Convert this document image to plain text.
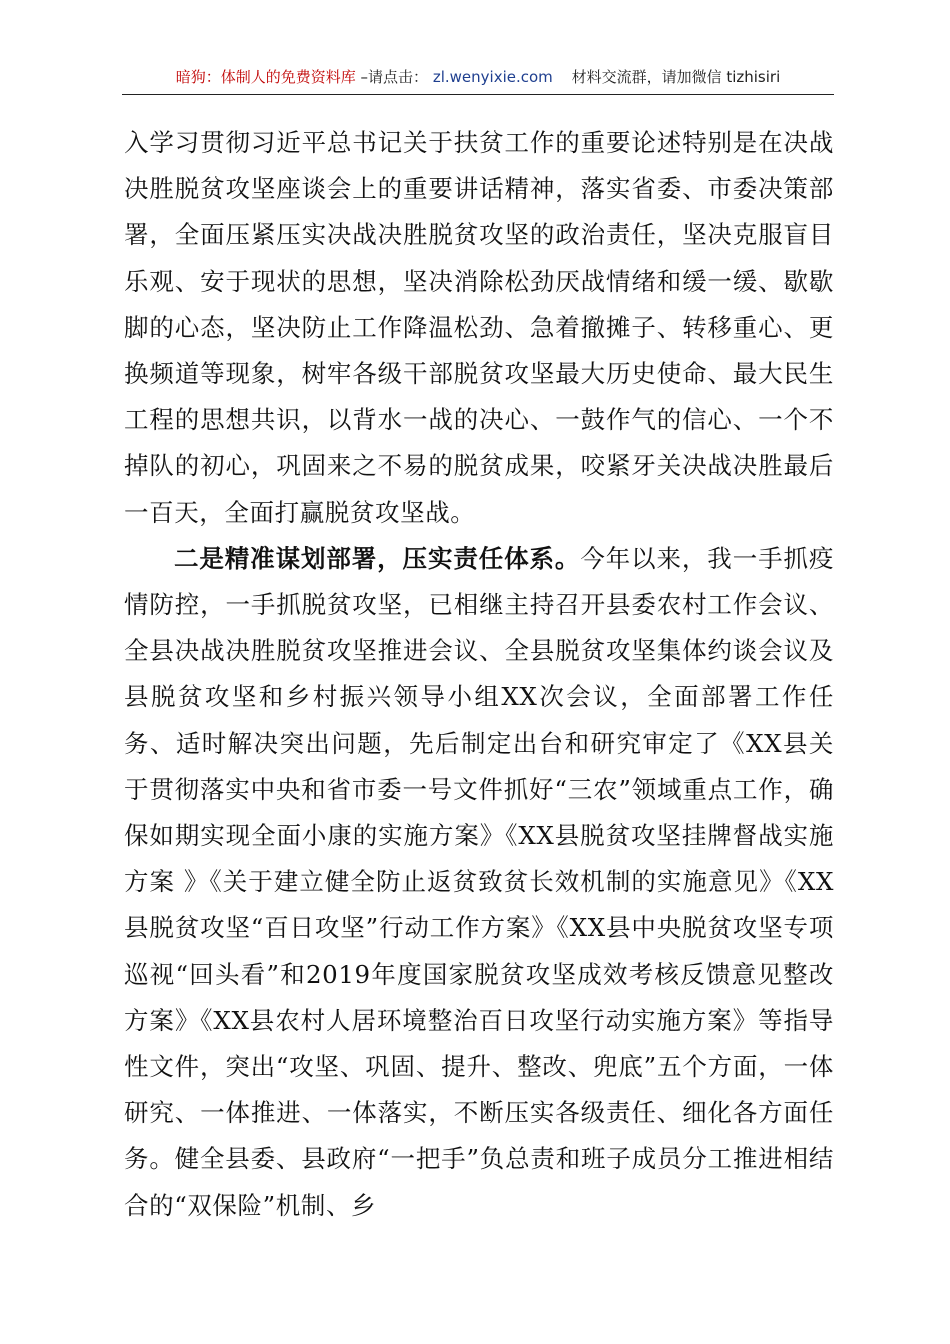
暗狗：体制人的免费资料库 –请点击： zl.wenyixie.com 材料交流群，请加微信 tizhisiri

入学习贯彻习近平总书记关于扶贫工作的重要论述特别是在决战决胜脱贫攻坚座谈会上的重要讲话精神，落实省委、市委决策部署，全面压紧压实决战决胜脱贫攻坚的政治责任，坚决克服盲目乐观、安于现状的思想，坚决消除松劲厌战情绪和缓一缓、歇歇脚的心态，坚决防止工作降温松劲、急着撤摊子、转移重心、更换频道等现象，树牢各级干部脱贫攻坚最大历史使命、最大民生工程的思想共识，以背水一战的决心、一鼓作气的信心、一个不掉队的初心，巩固来之不易的脱贫成果，咬紧牙关决战决胜最后一百天，全面打赢脱贫攻坚战。

二是精准谋划部署，压实责任体系。今年以来，我一手抓疫情防控，一手抓脱贫攻坚，已相继主持召开县委农村工作会议、全县决战决胜脱贫攻坚推进会议、全县脱贫攻坚集体约谈会议及县脱贫攻坚和乡村振兴领导小组XX次会议，全面部署工作任务、适时解决突出问题，先后制定出台和研究审定了《XX县关于贯彻落实中央和省市委一号文件抓好“三农”领域重点工作，确保如期实现全面小康的实施方案》《XX县脱贫攻坚挂牌督战实施方案 》《关于建立健全防止返贫致贫长效机制的实施意见》《XX县脱贫攻坚“百日攻坚”行动工作方案》《XX县中央脱贫攻坚专项巡视“回头看”和2019年度国家脱贫攻坚成效考核反馈意见整改方案》《XX县农村人居环境整治百日攻坚行动实施方案》等指导性文件，突出“攻坚、巩固、提升、整改、兜底”五个方面，一体研究、一体推进、一体落实，不断压实各级责任、细化各方面任务。健全县委、县政府“一把手”负总责和班子成员分工推进相结合的“双保险”机制、乡
